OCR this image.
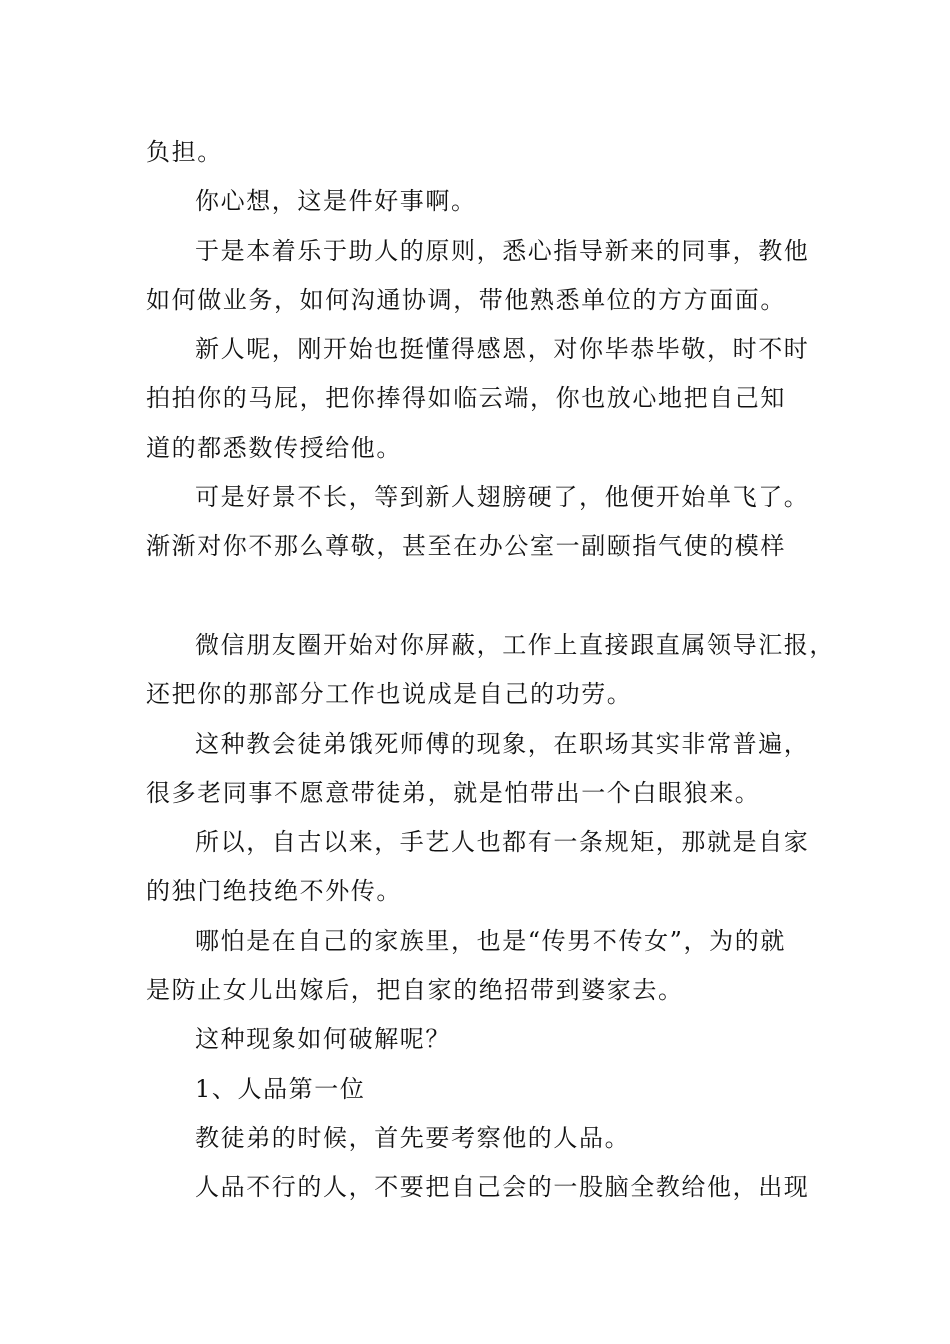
负担。
你心想，这是件好事啊。
于是本着乐于助人的原则，悉心指导新来的同事，教他
如何做业务，如何沟通协调，带他熟悉单位的方方面面。
新人呢，刚开始也挺懂得感恩，对你毕恭毕敬，时不时
拍拍你的马屁，把你捧得如临云端，你也放心地把自己知
道的都悉数传授给他。
可是好景不长，等到新人翅膀硬了，他便开始单飞了。
渐渐对你不那么尊敬，甚至在办公室一副颐指气使的模样
微信朋友圈开始对你屏蔽，工作上直接跟直属领导汇报，
还把你的那部分工作也说成是自己的功劳。
这种教会徒弟饿死师傅的现象，在职场其实非常普遍，
很多老同事不愿意带徒弟，就是怕带出一个白眼狼来。
所以，自古以来，手艺人也都有一条规矩，那就是自家
的独门绝技绝不外传。
哪怕是在自己的家族里，也是“传男不传女”，为的就
是防止女儿出嫁后，把自家的绝招带到婆家去。
这种现象如何破解呢？
1、人品第一位
教徒弟的时候，首先要考察他的人品。
人品不行的人，不要把自己会的一股脑全教给他，出现
